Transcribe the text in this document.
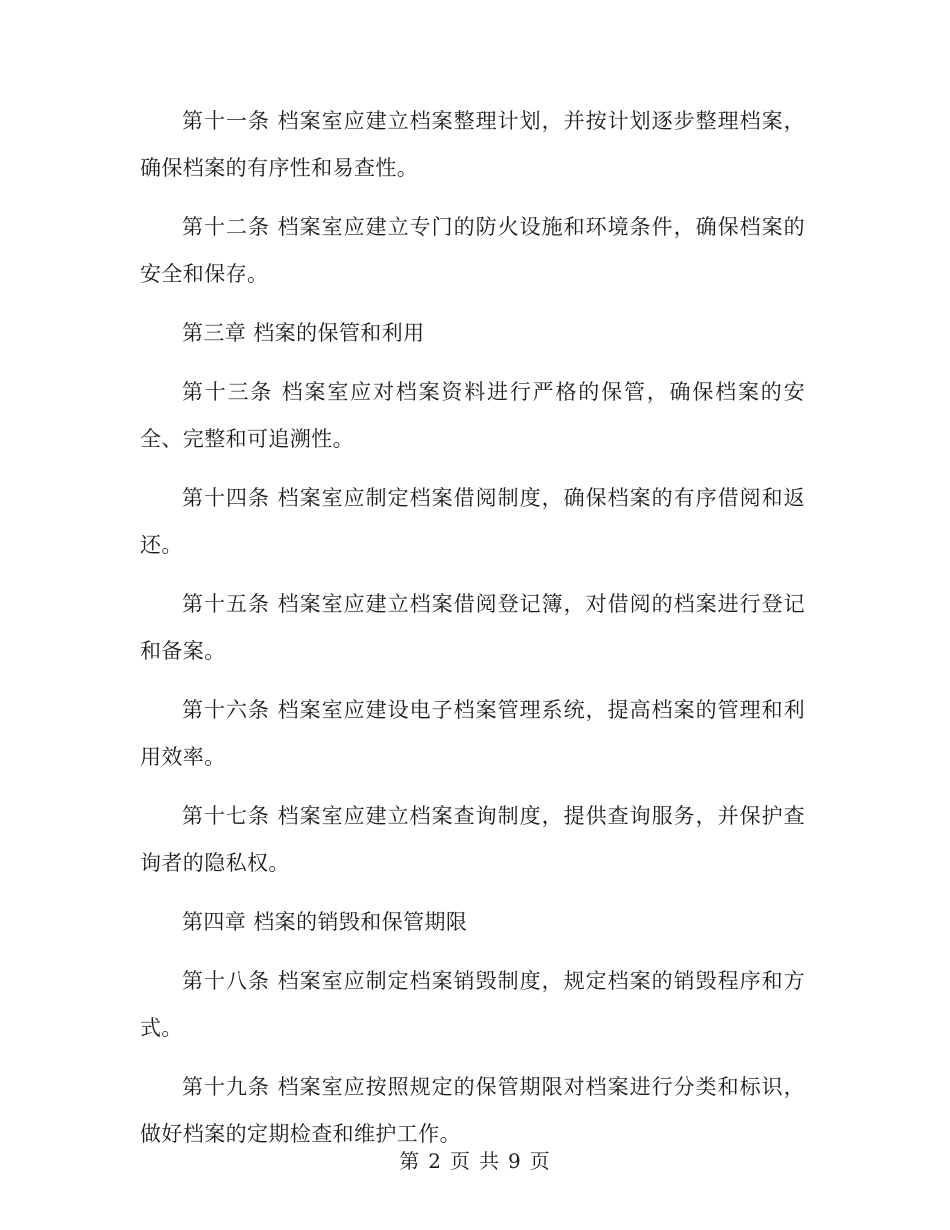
第十一条 档案室应建立档案整理计划，并按计划逐步整理档案，确保档案的有序性和易查性。

第十二条 档案室应建立专门的防火设施和环境条件，确保档案的安全和保存。

第三章 档案的保管和利用

第十三条 档案室应对档案资料进行严格的保管，确保档案的安全、完整和可追溯性。

第十四条 档案室应制定档案借阅制度，确保档案的有序借阅和返还。

第十五条 档案室应建立档案借阅登记簿，对借阅的档案进行登记和备案。

第十六条 档案室应建设电子档案管理系统，提高档案的管理和利用效率。

第十七条 档案室应建立档案查询制度，提供查询服务，并保护查询者的隐私权。

第四章 档案的销毁和保管期限

第十八条 档案室应制定档案销毁制度，规定档案的销毁程序和方式。

第十九条 档案室应按照规定的保管期限对档案进行分类和标识，做好档案的定期检查和维护工作。

第 2 页 共 9 页
